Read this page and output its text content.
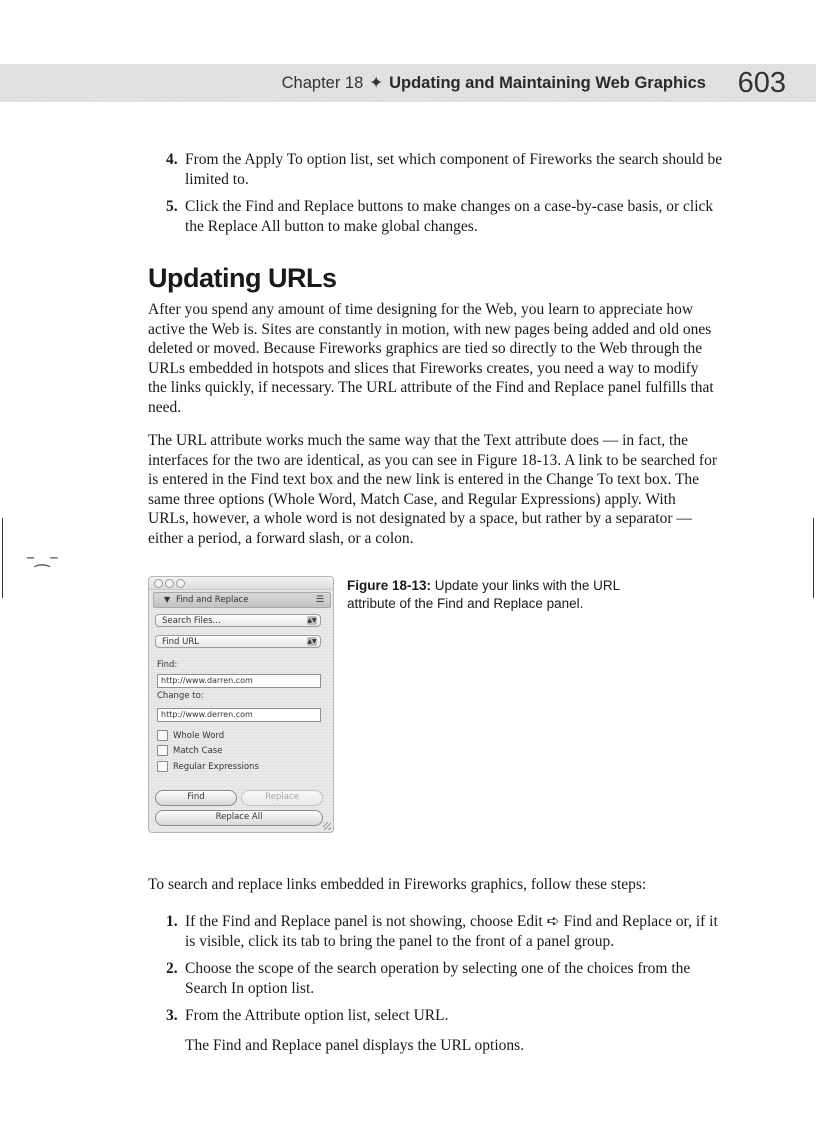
Chapter 18 ✦ Updating and Maintaining Web Graphics 603
4. From the Apply To option list, set which component of Fireworks the search should be limited to.
5. Click the Find and Replace buttons to make changes on a case-by-case basis, or click the Replace All button to make global changes.
Updating URLs

After you spend any amount of time designing for the Web, you learn to appreciate how active the Web is. Sites are constantly in motion, with new pages being added and old ones deleted or moved. Because Fireworks graphics are tied so directly to the Web through the URLs embedded in hotspots and slices that Fireworks creates, you need a way to modify the links quickly, if necessary. The URL attribute of the Find and Replace panel fulfills that need.

The URL attribute works much the same way that the Text attribute does — in fact, the interfaces for the two are identical, as you can see in Figure 18-13. A link to be searched for is entered in the Find text box and the new link is entered in the Change To text box. The same three options (Whole Word, Match Case, and Regular Expressions) apply. With URLs, however, a whole word is not designated by a space, but rather by a separator — either a period, a forward slash, or a colon.

–⁔–
▼ Find and Replace	☰
Search Files...	▲▼
Find URL	▲▼
Find:
http://www.darren.com
Change to:
http://www.derren.com
Whole Word
Match Case
Regular Expressions
Find	Replace
Replace All
Figure 18-13: Update your links with the URL attribute of the Find and Replace panel.

To search and replace links embedded in Fireworks graphics, follow these steps:

1. If the Find and Replace panel is not showing, choose Edit ➪ Find and Replace or, if it is visible, click its tab to bring the panel to the front of a panel group.
2. Choose the scope of the search operation by selecting one of the choices from the Search In option list.
3. From the Attribute option list, select URL.
The Find and Replace panel displays the URL options.
